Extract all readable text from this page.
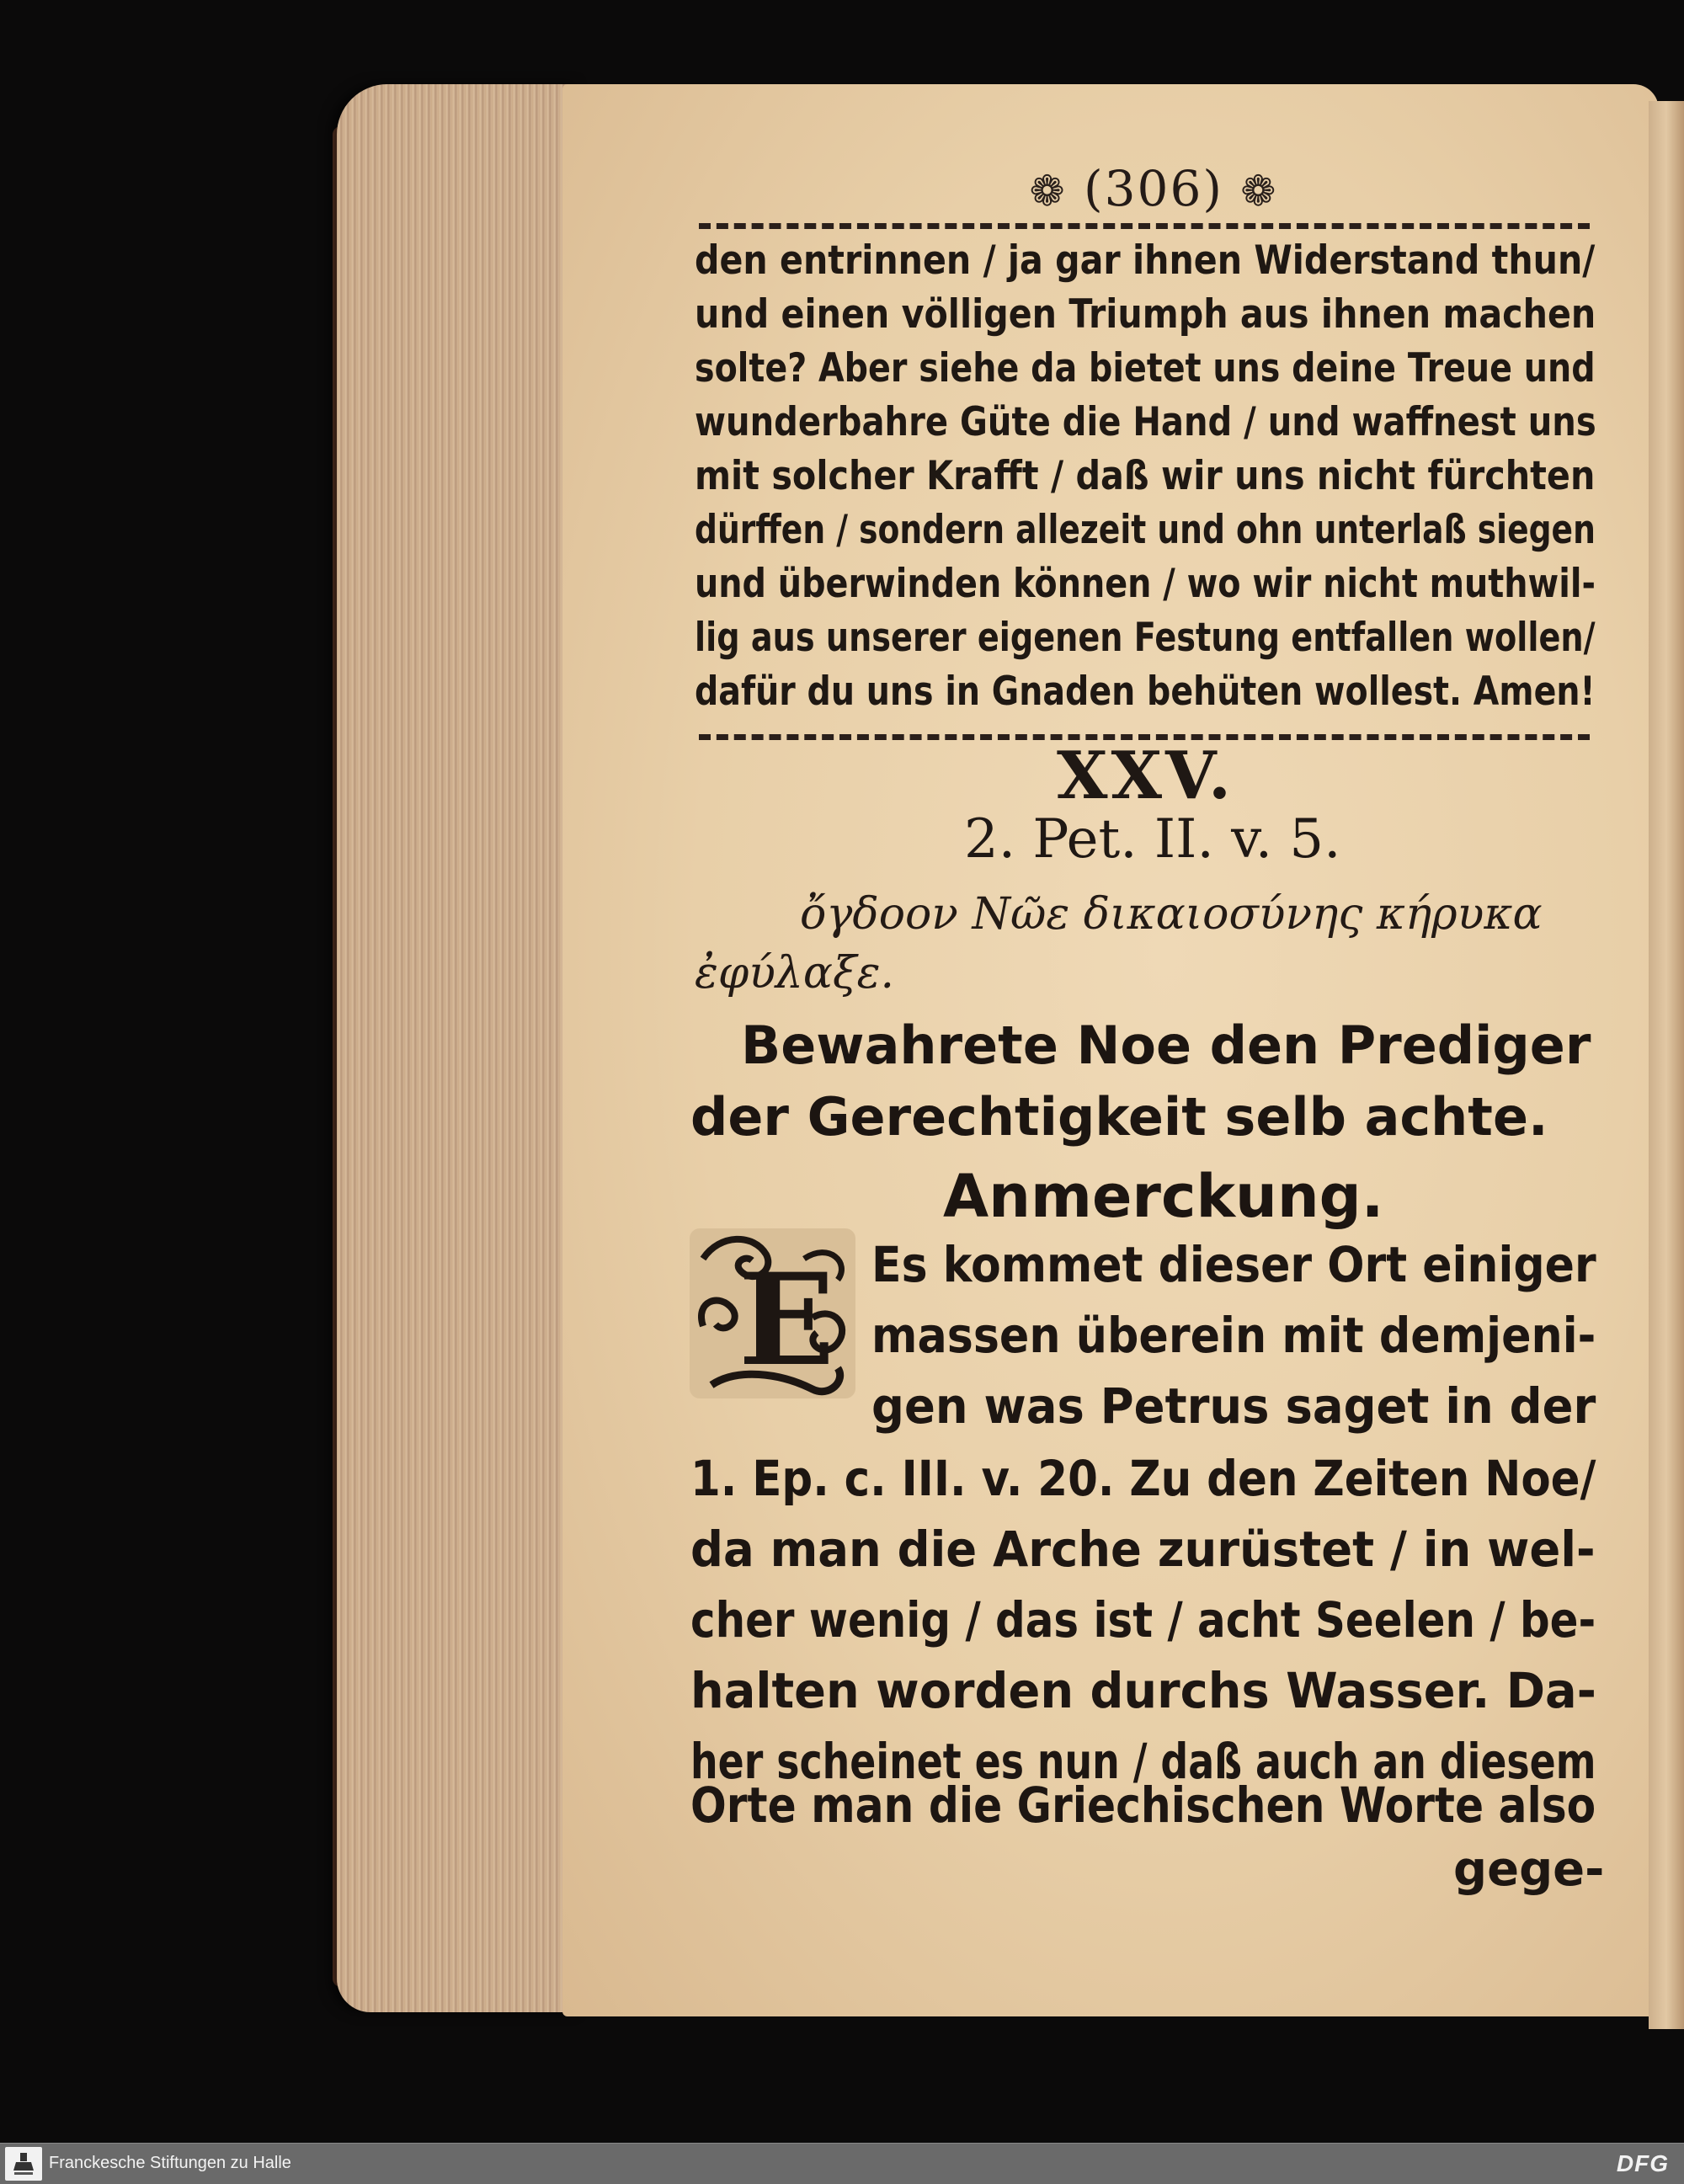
❁ (306) ❁
den entrinnen / ja gar ihnen Widerstand thun/
und einen völligen Triumph aus ihnen machen
solte? Aber siehe da bietet uns deine Treue und
wunderbahre Güte die Hand / und waffnest uns
mit solcher Krafft / daß wir uns nicht fürchten
dürffen / sondern allezeit und ohn unterlaß siegen
und überwinden können / wo wir nicht muthwil-
lig aus unserer eigenen Festung entfallen wollen/
dafür du uns in Gnaden behüten wollest. Amen!
XXV.
2. Pet. II. v. 5.
ὄγδοον Νῶε δικαιοσύνης κήρυκα
ἐφύλαξε.
Bewahrete Noe den Prediger
der Gerechtigkeit selb achte.
Anmerckung.
E Es kommet dieser Ort einiger
massen überein mit demjeni-
gen was Petrus saget in der
1. Ep. c. III. v. 20. Zu den Zeiten Noe/
da man die Arche zurüstet / in wel-
cher wenig / das ist / acht Seelen / be-
halten worden durchs Wasser. Da-
her scheinet es nun / daß auch an diesem
Orte man die Griechischen Worte also
gege-
Franckesche Stiftungen zu Halle	DFG
